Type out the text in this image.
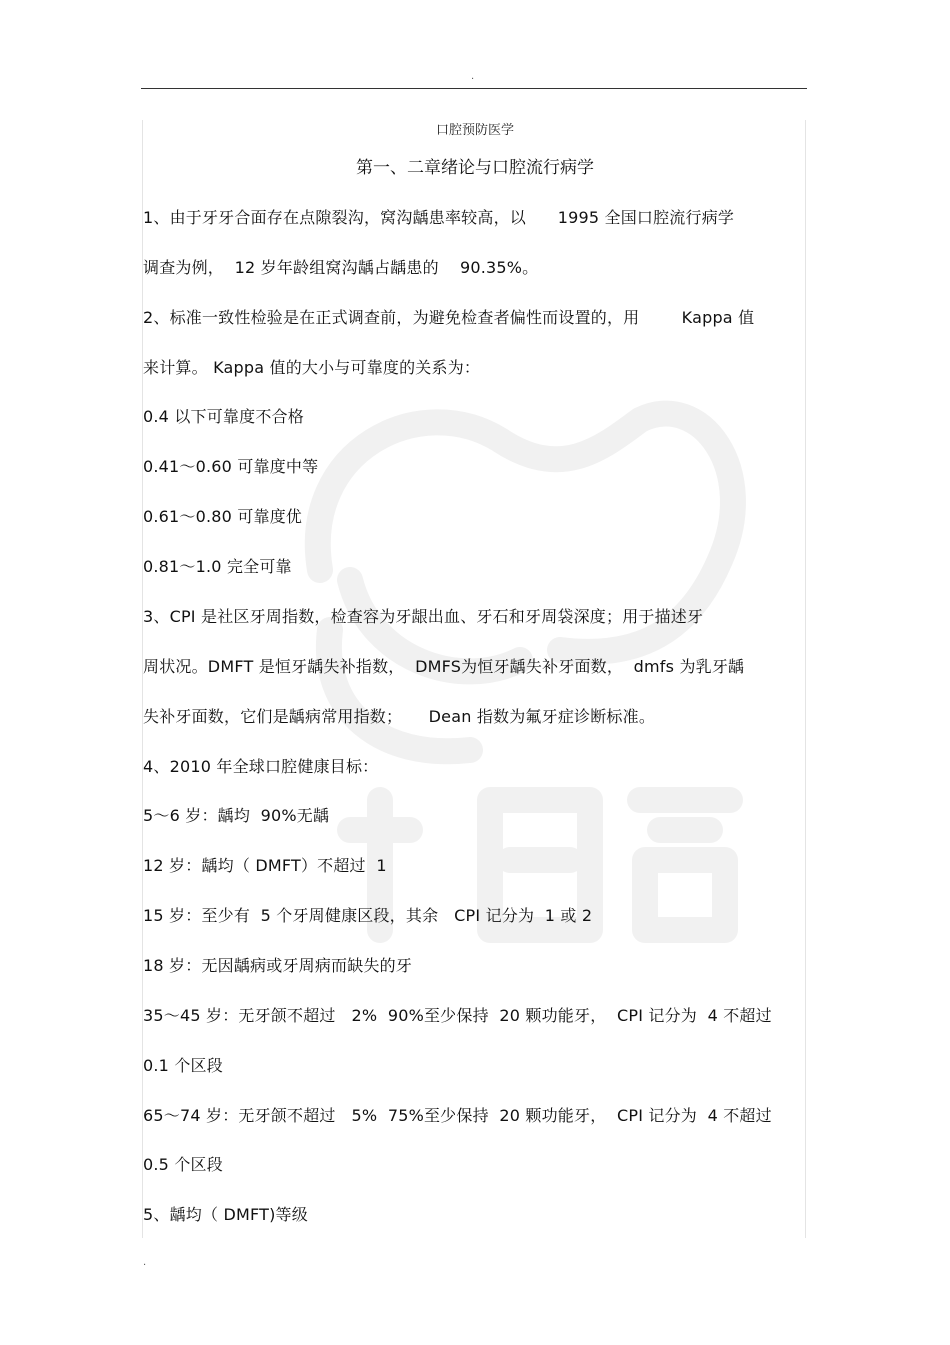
.
口腔预防医学
第一、二章绪论与口腔流行病学
1、由于牙牙合面存在点隙裂沟，窝沟龋患率较高，以      1995 全国口腔流行病学
调查为例，  12 岁年龄组窝沟龋占龋患的    90.35%。
2、标准一致性检验是在正式调查前，为避免检查者偏性而设置的，用        Kappa 值
来计算。 Kappa 值的大小与可靠度的关系为：
0.4 以下可靠度不合格
0.41～0.60 可靠度中等
0.61～0.80 可靠度优
0.81～1.0 完全可靠
3、CPI 是社区牙周指数，检查容为牙龈出血、牙石和牙周袋深度；用于描述牙
周状况。DMFT 是恒牙龋失补指数，  DMFS为恒牙龋失补牙面数，  dmfs 为乳牙龋
失补牙面数，它们是龋病常用指数；     Dean 指数为氟牙症诊断标准。
4、2010 年全球口腔健康目标：
5～6 岁：龋均  90%无龋
12 岁：龋均（ DMFT）不超过  1
15 岁：至少有  5 个牙周健康区段，其余   CPI 记分为  1 或 2
18 岁：无因龋病或牙周病而缺失的牙
35～45 岁：无牙颌不超过   2%  90%至少保持  20 颗功能牙，  CPI 记分为  4 不超过
0.1 个区段
65～74 岁：无牙颌不超过   5%  75%至少保持  20 颗功能牙，  CPI 记分为  4 不超过
0.5 个区段
5、龋均（ DMFT)等级
.
